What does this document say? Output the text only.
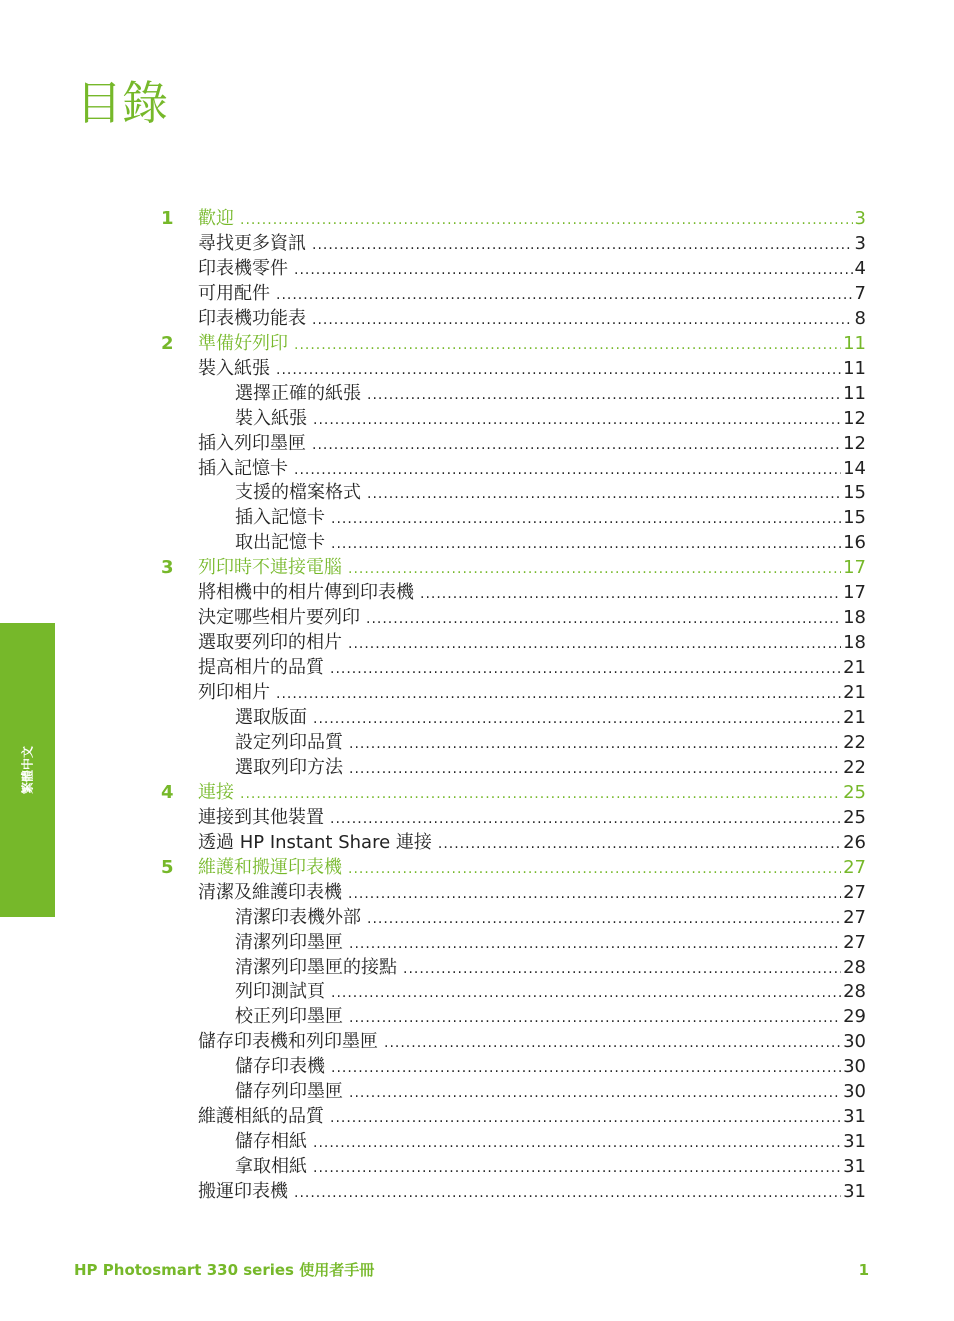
目錄
繁體中文
1	歡迎 .....	3
尋找更多資訊 .....	3
印表機零件 .....	4
可用配件 .....	7
印表機功能表 .....	8
2	準備好列印 .....	11
裝入紙張 .....	11
選擇正確的紙張 .....	11
裝入紙張 .....	12
插入列印墨匣 .....	12
插入記憶卡 .....	14
支援的檔案格式 .....	15
插入記憶卡 .....	15
取出記憶卡 .....	16
3	列印時不連接電腦 .....	17
將相機中的相片傳到印表機 .....	17
決定哪些相片要列印 .....	18
選取要列印的相片 .....	18
提高相片的品質 .....	21
列印相片 .....	21
選取版面 .....	21
設定列印品質 .....	22
選取列印方法 .....	22
4	連接 .....	25
連接到其他裝置 .....	25
透過 HP Instant Share 連接 .....	26
5	維護和搬運印表機 .....	27
清潔及維護印表機 .....	27
清潔印表機外部 .....	27
清潔列印墨匣 .....	27
清潔列印墨匣的接點 .....	28
列印測試頁 .....	28
校正列印墨匣 .....	29
儲存印表機和列印墨匣 .....	30
儲存印表機 .....	30
儲存列印墨匣 .....	30
維護相紙的品質 .....	31
儲存相紙 .....	31
拿取相紙 .....	31
搬運印表機 .....	31
HP Photosmart 330 series 使用者手冊	1
